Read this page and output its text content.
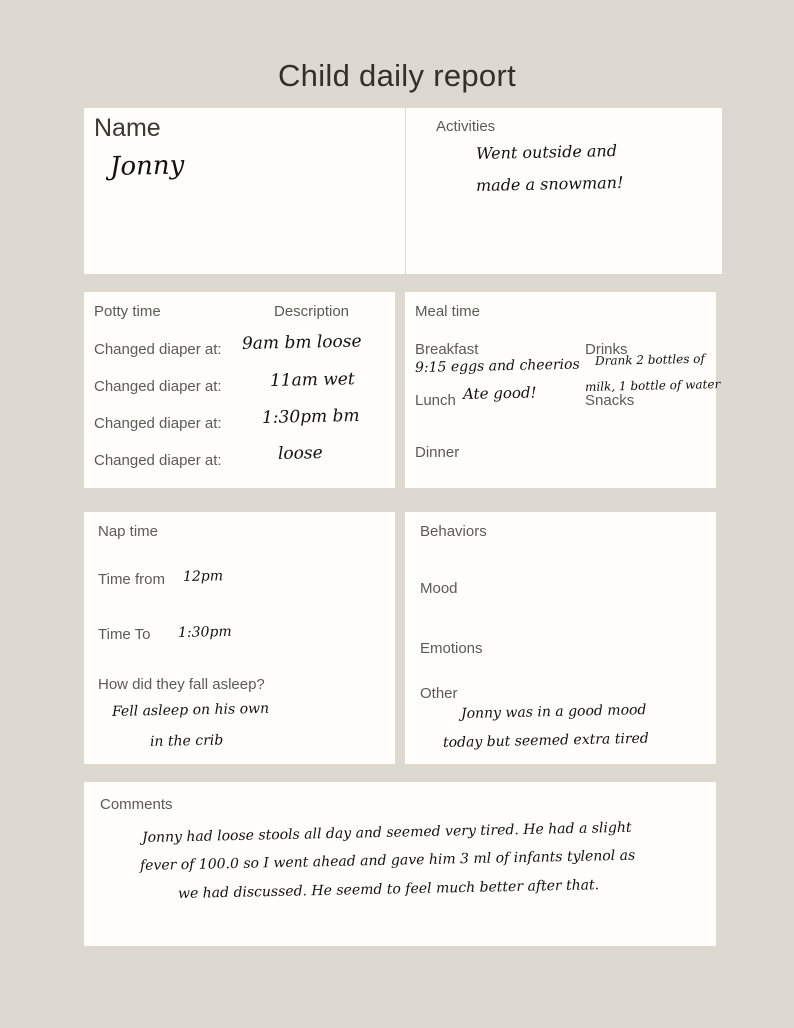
Child daily report
Name
Jonny
Activities
Went outside and
made a snowman!
Potty time	Description
Changed diaper at: 9am bm loose
Changed diaper at:	11am wet
Changed diaper at: 1:30pm bm
Changed diaper at:	loose
Meal time
Breakfast
9:15 eggs and cheerios
Lunch Ate good!
Dinner
Drinks
Drank 2 bottles of
milk, 1 bottle of water
Snacks
Nap time
Time from 12pm
Time To 1:30pm
How did they fall asleep?
Fell asleep on his own
in the crib
Behaviors
Mood
Emotions
Other
Jonny was in a good mood
today but seemed extra tired
Comments
Jonny had loose stools all day and seemed very tired. He had a slight
fever of 100.0 so I went ahead and gave him 3 ml of infants tylenol as
we had discussed. He seemd to feel much better after that.
